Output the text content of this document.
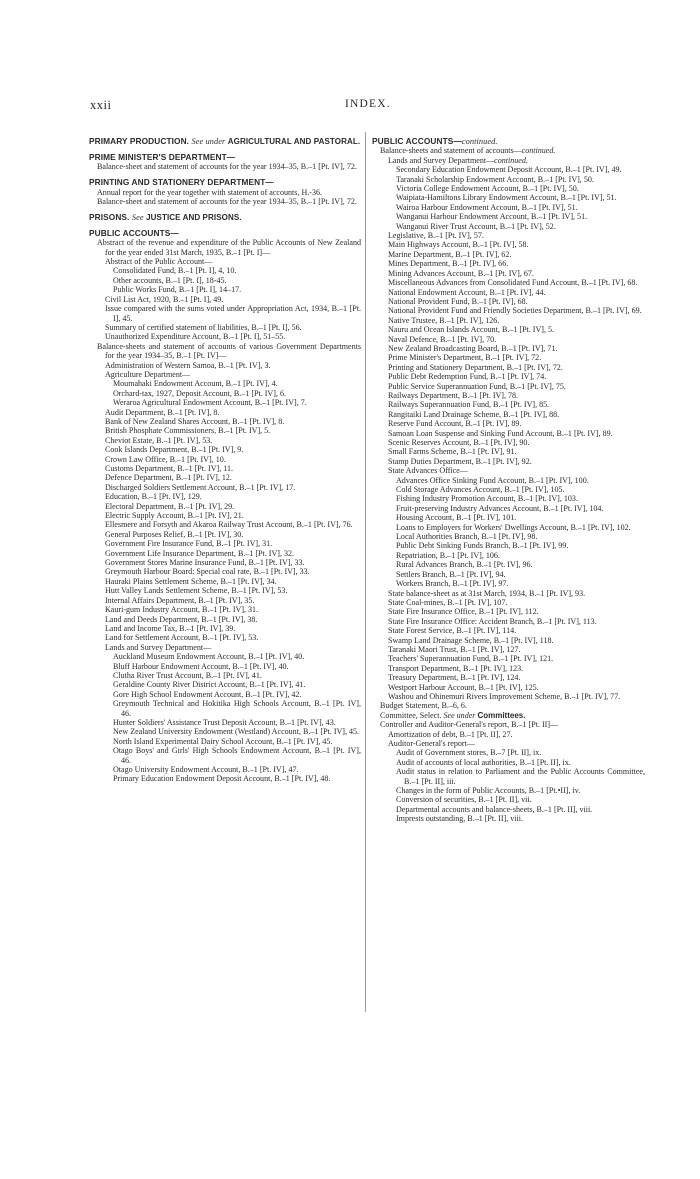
xxii	INDEX.
PRIMARY PRODUCTION. See under AGRICULTURAL AND PASTORAL.
PRIME MINISTER'S DEPARTMENT—
Balance-sheet and statement of accounts for the year 1934–35, B.–1 [Pt. IV], 72.
PRINTING AND STATIONERY DEPARTMENT—
Annual report for the year together with statement of accounts, H.-36.
Balance-sheet and statement of accounts for the year 1934–35, B.–1 [Pt. IV], 72.
PRISONS. See JUSTICE AND PRISONS.
PUBLIC ACCOUNTS—
Abstract of the revenue and expenditure of the Public Accounts of New Zealand for the year ended 31st March, 1935, B.–1 [Pt. I]—
Abstract of the Public Account—
Consolidated Fund, B.–1 [Pt. I], 4, 10.
Other accounts, B.–1 [Pt. I], 18-45.
Public Works Fund, B.–1 [Pt. I], 14–17.
Civil List Act, 1920, B.–1 [Pt. I], 49.
Issue compared with the sums voted under Appropriation Act, 1934, B.–1 [Pt. I], 45.
Summary of certified statement of liabilities, B.–1 [Pt. I], 56.
Unauthorized Expenditure Account, B.–1 [Pt. I], 51–55.
Balance-sheets and statement of accounts of various Government Departments for the year 1934–35, B.–1 [Pt. IV]—
Administration of Western Samoa, B.–1 [Pt. IV], 3.
Agriculture Department—
Moumahaki Endowment Account, B.–1 [Pt. IV], 4.
Orchard-tax, 1927, Deposit Account, B.–1 [Pt. IV], 6.
Weraroa Agricultural Endowment Account, B.–1 [Pt. IV], 7.
Audit Department, B.–1 [Pt. IV], 8.
Bank of New Zealand Shares Account, B.–1 [Pt. IV], 8.
British Phosphate Commissioners, B.–1 [Pt. IV], 5.
Cheviot Estate, B.–1 [Pt. IV], 53.
Cook Islands Department, B.–1 [Pt. IV], 9.
Crown Law Office, B.–1 [Pt. IV], 10.
Customs Department, B.–1 [Pt. IV], 11.
Defence Department, B.–1 [Pt. IV], 12.
Discharged Soldiers Settlement Account, B.–1 [Pt. IV], 17.
Education, B.–1 [Pt. IV], 129.
Electoral Department, B.–1 [Pt. IV], 29.
Electric Supply Account, B.–1 [Pt. IV], 21.
Ellesmere and Forsyth and Akaroa Railway Trust Account, B.–1 [Pt. IV], 76.
General Purposes Relief, B.–1 [Pt. IV], 30.
Government Fire Insurance Fund, B.–1 [Pt. IV], 31.
Government Life Insurance Department, B.–1 [Pt. IV], 32.
Government Stores Marine Insurance Fund, B.–1 [Pt. IV], 33.
Greymouth Harbour Board: Special coal rate, B.–1 [Pt. IV], 33.
Hauraki Plains Settlement Scheme, B.–1 [Pt. IV], 34.
Hutt Valley Lands Settlement Scheme, B.–1 [Pt. IV], 53.
Internal Affairs Department, B.–1 [Pt. IV], 35.
Kauri-gum Industry Account, B.–1 [Pt. IV], 31.
Land and Deeds Department, B.–1 [Pt. IV], 38.
Land and Income Tax, B.–1 [Pt. IV], 39.
Land for Settlement Account, B.–1 [Pt. IV], 53.
Lands and Survey Department—
Auckland Museum Endowment Account, B.–1 [Pt. IV], 40.
Bluff Harbour Endowment Account, B.–1 [Pt. IV], 40.
Clutha River Trust Account, B.–1 [Pt. IV], 41.
Geraldine County River District Account, B.–1 [Pt. IV], 41.
Gore High School Endowment Account, B.–1 [Pt. IV], 42.
Greymouth Technical and Hokitika High Schools Account, B.–1 [Pt. IV], 46.
Hunter Soldiers' Assistance Trust Deposit Account, B.–1 [Pt. IV], 43.
New Zealand University Endowment (Westland) Account, B.–1 [Pt. IV], 45.
North Island Experimental Dairy School Account, B.–1 [Pt. IV], 45.
Otago Boys' and Girls' High Schools Endowment Account, B.–1 [Pt. IV], 46.
Otago University Endowment Account, B.–1 [Pt. IV], 47.
Primary Education Endowment Deposit Account, B.–1 [Pt. IV], 48.
PUBLIC ACCOUNTS—continued.
Balance-sheets and statement of accounts—continued.
Lands and Survey Department—continued.
Secondary Education Endowment Deposit Account, B.–1 [Pt. IV], 49.
Taranaki Scholarship Endowment Account, B.–1 [Pt. IV], 50.
Victoria College Endowment Account, B.–1 [Pt. IV], 50.
Waipiata-Hamiltons Library Endowment Account, B.–1 [Pt. IV], 51.
Wairoa Harbour Endowment Account, B.–1 [Pt. IV], 51.
Wanganui Harbour Endowment Account, B.–1 [Pt. IV], 51.
Wanganui River Trust Account, B.–1 [Pt. IV], 52.
Legislative, B.–1 [Pt. IV], 57.
Main Highways Account, B.–1 [Pt. IV], 58.
Marine Department, B.–1 [Pt. IV], 62.
Mines Department, B.–1 [Pt. IV], 66.
Mining Advances Account, B.–1 [Pt. IV], 67.
Miscellaneous Advances from Consolidated Fund Account, B.–1 [Pt. IV], 68.
National Endowment Account, B.–1 [Pt. IV], 44.
National Provident Fund, B.–1 [Pt. IV], 68.
National Provident Fund and Friendly Societies Department, B.–1 [Pt. IV], 69.
Native Trustee, B.–1 [Pt. IV], 126.
Nauru and Ocean Islands Account, B.–1 [Pt. IV], 5.
Naval Defence, B.–1 [Pt. IV], 70.
New Zealand Broadcasting Board, B.–1 [Pt. IV], 71.
Prime Minister's Department, B.–1 [Pt. IV], 72.
Printing and Stationery Department, B.–1 [Pt. IV], 72.
Public Debt Redemption Fund, B.–1 [Pt. IV], 74.
Public Service Superannuation Fund, B.–1 [Pt. IV], 75.
Railways Department, B.–1 [Pt. IV], 78.
Railways Superannuation Fund, B.–1 [Pt. IV], 85.
Rangitaiki Land Drainage Scheme, B.–1 [Pt. IV], 88.
Reserve Fund Account, B.–1 [Pt. IV], 89.
Samoan Loan Suspense and Sinking Fund Account, B.–1 [Pt. IV], 89.
Scenic Reserves Account, B.–1 [Pt. IV], 90.
Small Farms Scheme, B.–1 [Pt. IV], 91.
Stamp Duties Department, B.–1 [Pt. IV], 92.
State Advances Office—
Advances Office Sinking Fund Account, B.–1 [Pt. IV], 100.
Cold Storage Advances Account, B.–1 [Pt. IV], 105.
Fishing Industry Promotion Account, B.–1 [Pt. IV], 103.
Fruit-preserving Industry Advances Account, B.–1 [Pt. IV], 104.
Housing Account, B.–1 [Pt. IV], 101.
Loans to Employers for Workers' Dwellings Account, B.–1 [Pt. IV], 102.
Local Authorities Branch, B.–1 [Pt. IV], 98.
Public Debt Sinking Funds Branch, B.–1 [Pt. IV], 99.
Repatriation, B.–1 [Pt. IV], 106.
Rural Advances Branch, B.–1 [Pt. IV], 96.
Settlers Branch, B.–1 [Pt. IV], 94.
Workers Branch, B.–1 [Pt. IV], 97.
State balance-sheet as at 31st March, 1934, B.–1 [Pt. IV], 93.
State Coal-mines, B.–1 [Pt. IV], 107.
State Fire Insurance Office, B.–1 [Pt. IV], 112.
State Fire Insurance Office: Accident Branch, B.–1 [Pt. IV], 113.
State Forest Service, B.–1 [Pt. IV], 114.
Swamp Land Drainage Scheme, B.–1 [Pt. IV], 118.
Taranaki Maori Trust, B.–1 [Pt. IV], 127.
Teachers' Superannuation Fund, B.–1 [Pt. IV], 121.
Transport Department, B.–1 [Pt. IV], 123.
Treasury Department, B.–1 [Pt. IV], 124.
Westport Harbour Account, B.–1 [Pt. IV], 125.
Washou and Ohinemuri Rivers Improvement Scheme, B.–1 [Pt. IV], 77.
Budget Statement, B.–6, 6.
Committee, Select. See under Committees.
Controller and Auditor-General's report, B.–1 [Pt. II]—
Amortization of debt, B.–1 [Pt. II], 27.
Auditor-General's report—
Audit of Government stores, B.–7 [Pt. II], ix.
Audit of accounts of local authorities, B.–1 [Pt. II], ix.
Audit status in relation to Parliament and the Public Accounts Committee, B.–1 [Pt. II], iii.
Changes in the form of Public Accounts, B.–1 [Pt.•II], iv.
Conversion of securities, B.–1 [Pt. II], vii.
Departmental accounts and balance-sheets, B.–1 [Pt. II], viii.
Imprests outstanding, B.–1 [Pt. II], viii.
